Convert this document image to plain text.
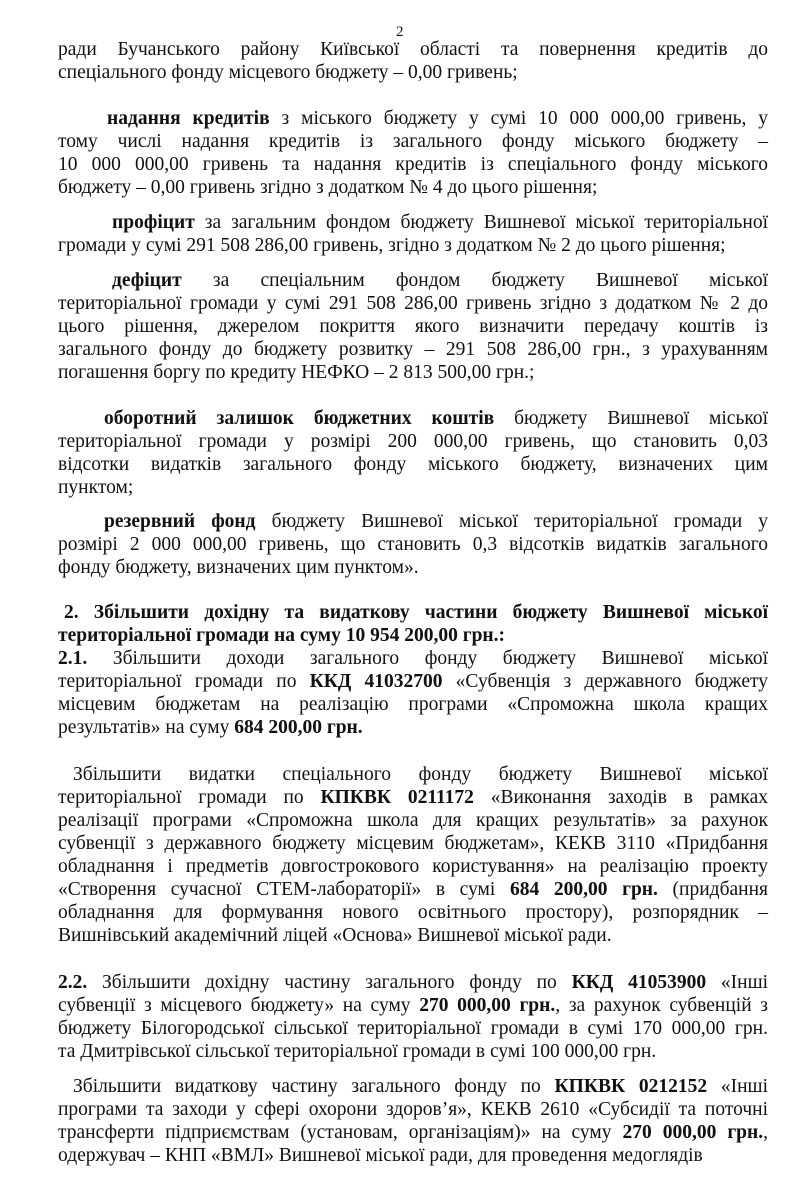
2
ради Бучанського району Київської області та повернення кредитів до
спеціального фонду місцевого бюджету – 0,00 гривень;
надання кредитів з міського бюджету у сумі 10 000 000,00 гривень, у
тому числі надання кредитів із загального фонду міського бюджету –
10 000 000,00 гривень та надання кредитів із спеціального фонду міського
бюджету – 0,00 гривень згідно з додатком № 4 до цього рішення;
профіцит за загальним фондом бюджету Вишневої міської територіальної
громади у сумі 291 508 286,00 гривень, згідно з додатком № 2 до цього рішення;
дефіцит за спеціальним фондом бюджету Вишневої міської
територіальної громади у сумі 291 508 286,00 гривень згідно з додатком № 2 до
цього рішення, джерелом покриття якого визначити передачу коштів із
загального фонду до бюджету розвитку – 291 508 286,00 грн., з урахуванням
погашення боргу по кредиту НЕФКО – 2 813 500,00 грн.;
оборотний залишок бюджетних коштів бюджету Вишневої міської
територіальної громади у розмірі 200 000,00 гривень, що становить 0,03
відсотки видатків загального фонду міського бюджету, визначених цим
пунктом;
резервний фонд бюджету Вишневої міської територіальної громади у
розмірі 2 000 000,00 гривень, що становить 0,3 відсотків видатків загального
фонду бюджету, визначених цим пунктом».
2. Збільшити дохідну та видаткову частини бюджету Вишневої міської
територіальної громади на суму 10 954 200,00 грн.:
2.1. Збільшити доходи загального фонду бюджету Вишневої міської
територіальної громади по ККД 41032700 «Субвенція з державного бюджету
місцевим бюджетам на реалізацію програми «Спроможна школа кращих
результатів» на суму 684 200,00 грн.
Збільшити видатки спеціального фонду бюджету Вишневої міської
територіальної громади по КПКВК 0211172 «Виконання заходів в рамках
реалізації програми «Спроможна школа для кращих результатів» за рахунок
субвенції з державного бюджету місцевим бюджетам», КЕКВ 3110 «Придбання
обладнання і предметів довгострокового користування» на реалізацію проекту
«Створення сучасної СТЕМ-лабораторії» в сумі 684 200,00 грн. (придбання
обладнання для формування нового освітнього простору), розпорядник –
Вишнівський академічний ліцей «Основа» Вишневої міської ради.
2.2. Збільшити дохідну частину загального фонду по ККД 41053900 «Інші
субвенції з місцевого бюджету» на суму 270 000,00 грн., за рахунок субвенцій з
бюджету Білогородської сільської територіальної громади в сумі 170 000,00 грн.
та Дмитрівської сільської територіальної громади в сумі 100 000,00 грн.
Збільшити видаткову частину загального фонду по КПКВК 0212152 «Інші
програми та заходи у сфері охорони здоров’я», КЕКВ 2610 «Субсидії та поточні
трансферти підприємствам (установам, організаціям)» на суму 270 000,00 грн.,
одержувач – КНП «ВМЛ» Вишневої міської ради, для проведення медоглядів
